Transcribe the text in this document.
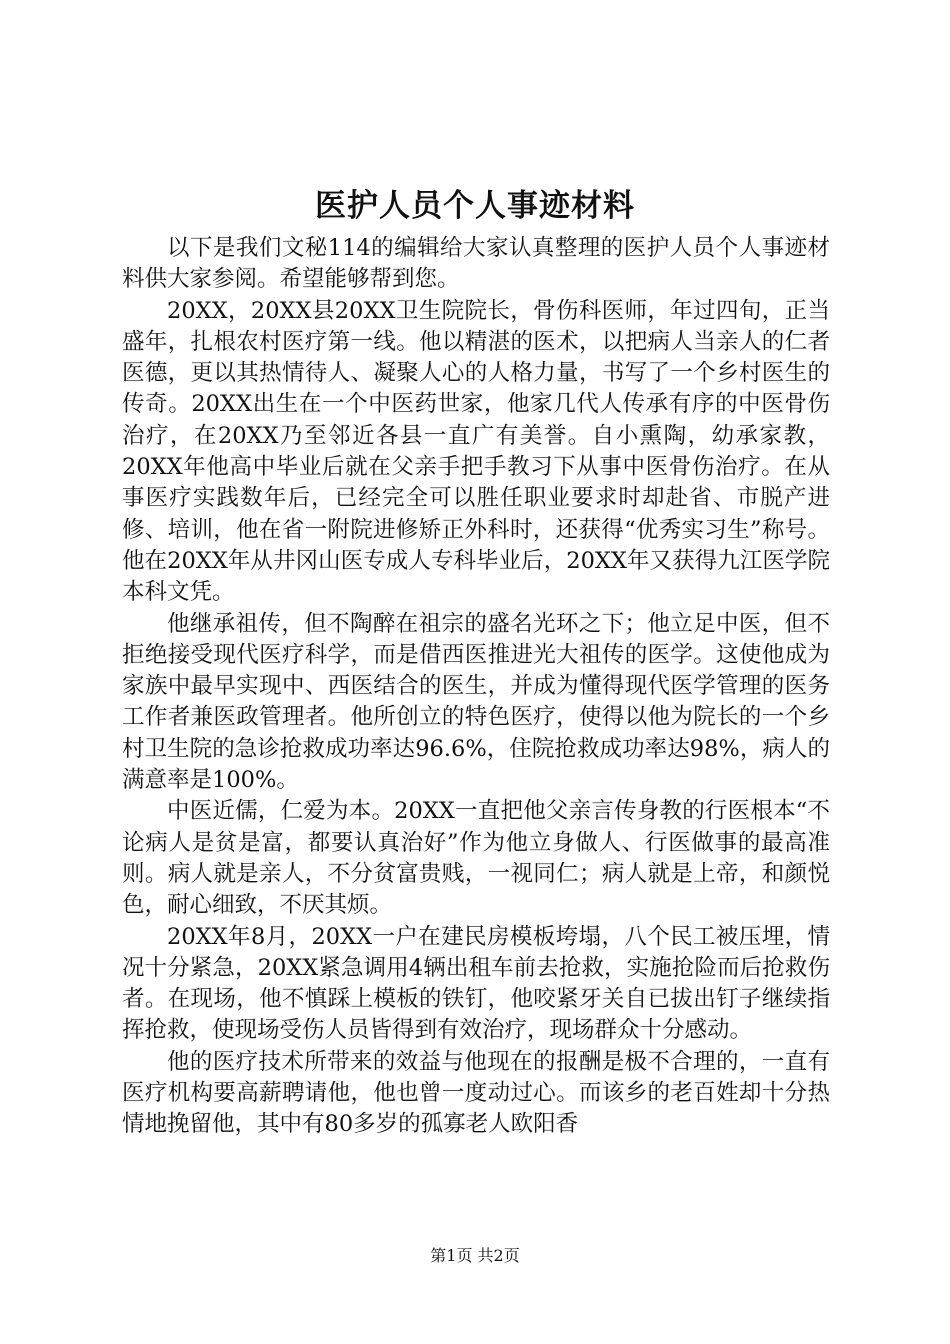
医护人员个人事迹材料

以下是我们文秘114的编辑给大家认真整理的医护人员个人事迹材料供大家参阅。希望能够帮到您。

20XX，20XX县20XX卫生院院长，骨伤科医师，年过四旬，正当盛年，扎根农村医疗第一线。他以精湛的医术，以把病人当亲人的仁者医德，更以其热情待人、凝聚人心的人格力量，书写了一个乡村医生的传奇。20XX出生在一个中医药世家，他家几代人传承有序的中医骨伤治疗，在20XX乃至邻近各县一直广有美誉。自小熏陶，幼承家教，20XX年他高中毕业后就在父亲手把手教习下从事中医骨伤治疗。在从事医疗实践数年后，已经完全可以胜任职业要求时却赴省、市脱产进修、培训，他在省一附院进修矫正外科时，还获得“优秀实习生”称号。他在20XX年从井冈山医专成人专科毕业后，20XX年又获得九江医学院本科文凭。

他继承祖传，但不陶醉在祖宗的盛名光环之下；他立足中医，但不拒绝接受现代医疗科学，而是借西医推进光大祖传的医学。这使他成为家族中最早实现中、西医结合的医生，并成为懂得现代医学管理的医务工作者兼医政管理者。他所创立的特色医疗，使得以他为院长的一个乡村卫生院的急诊抢救成功率达96.6%，住院抢救成功率达98%，病人的满意率是100%。

中医近儒，仁爱为本。20XX一直把他父亲言传身教的行医根本“不论病人是贫是富，都要认真治好”作为他立身做人、行医做事的最高准则。病人就是亲人，不分贫富贵贱，一视同仁；病人就是上帝，和颜悦色，耐心细致，不厌其烦。

20XX年8月，20XX一户在建民房模板垮塌，八个民工被压埋，情况十分紧急，20XX紧急调用4辆出租车前去抢救，实施抢险而后抢救伤者。在现场，他不慎踩上模板的铁钉，他咬紧牙关自已拔出钉子继续指挥抢救，使现场受伤人员皆得到有效治疗，现场群众十分感动。

他的医疗技术所带来的效益与他现在的报酬是极不合理的，一直有医疗机构要高薪聘请他，他也曾一度动过心。而该乡的老百姓却十分热情地挽留他，其中有80多岁的孤寡老人欧阳香

第1页 共2页
